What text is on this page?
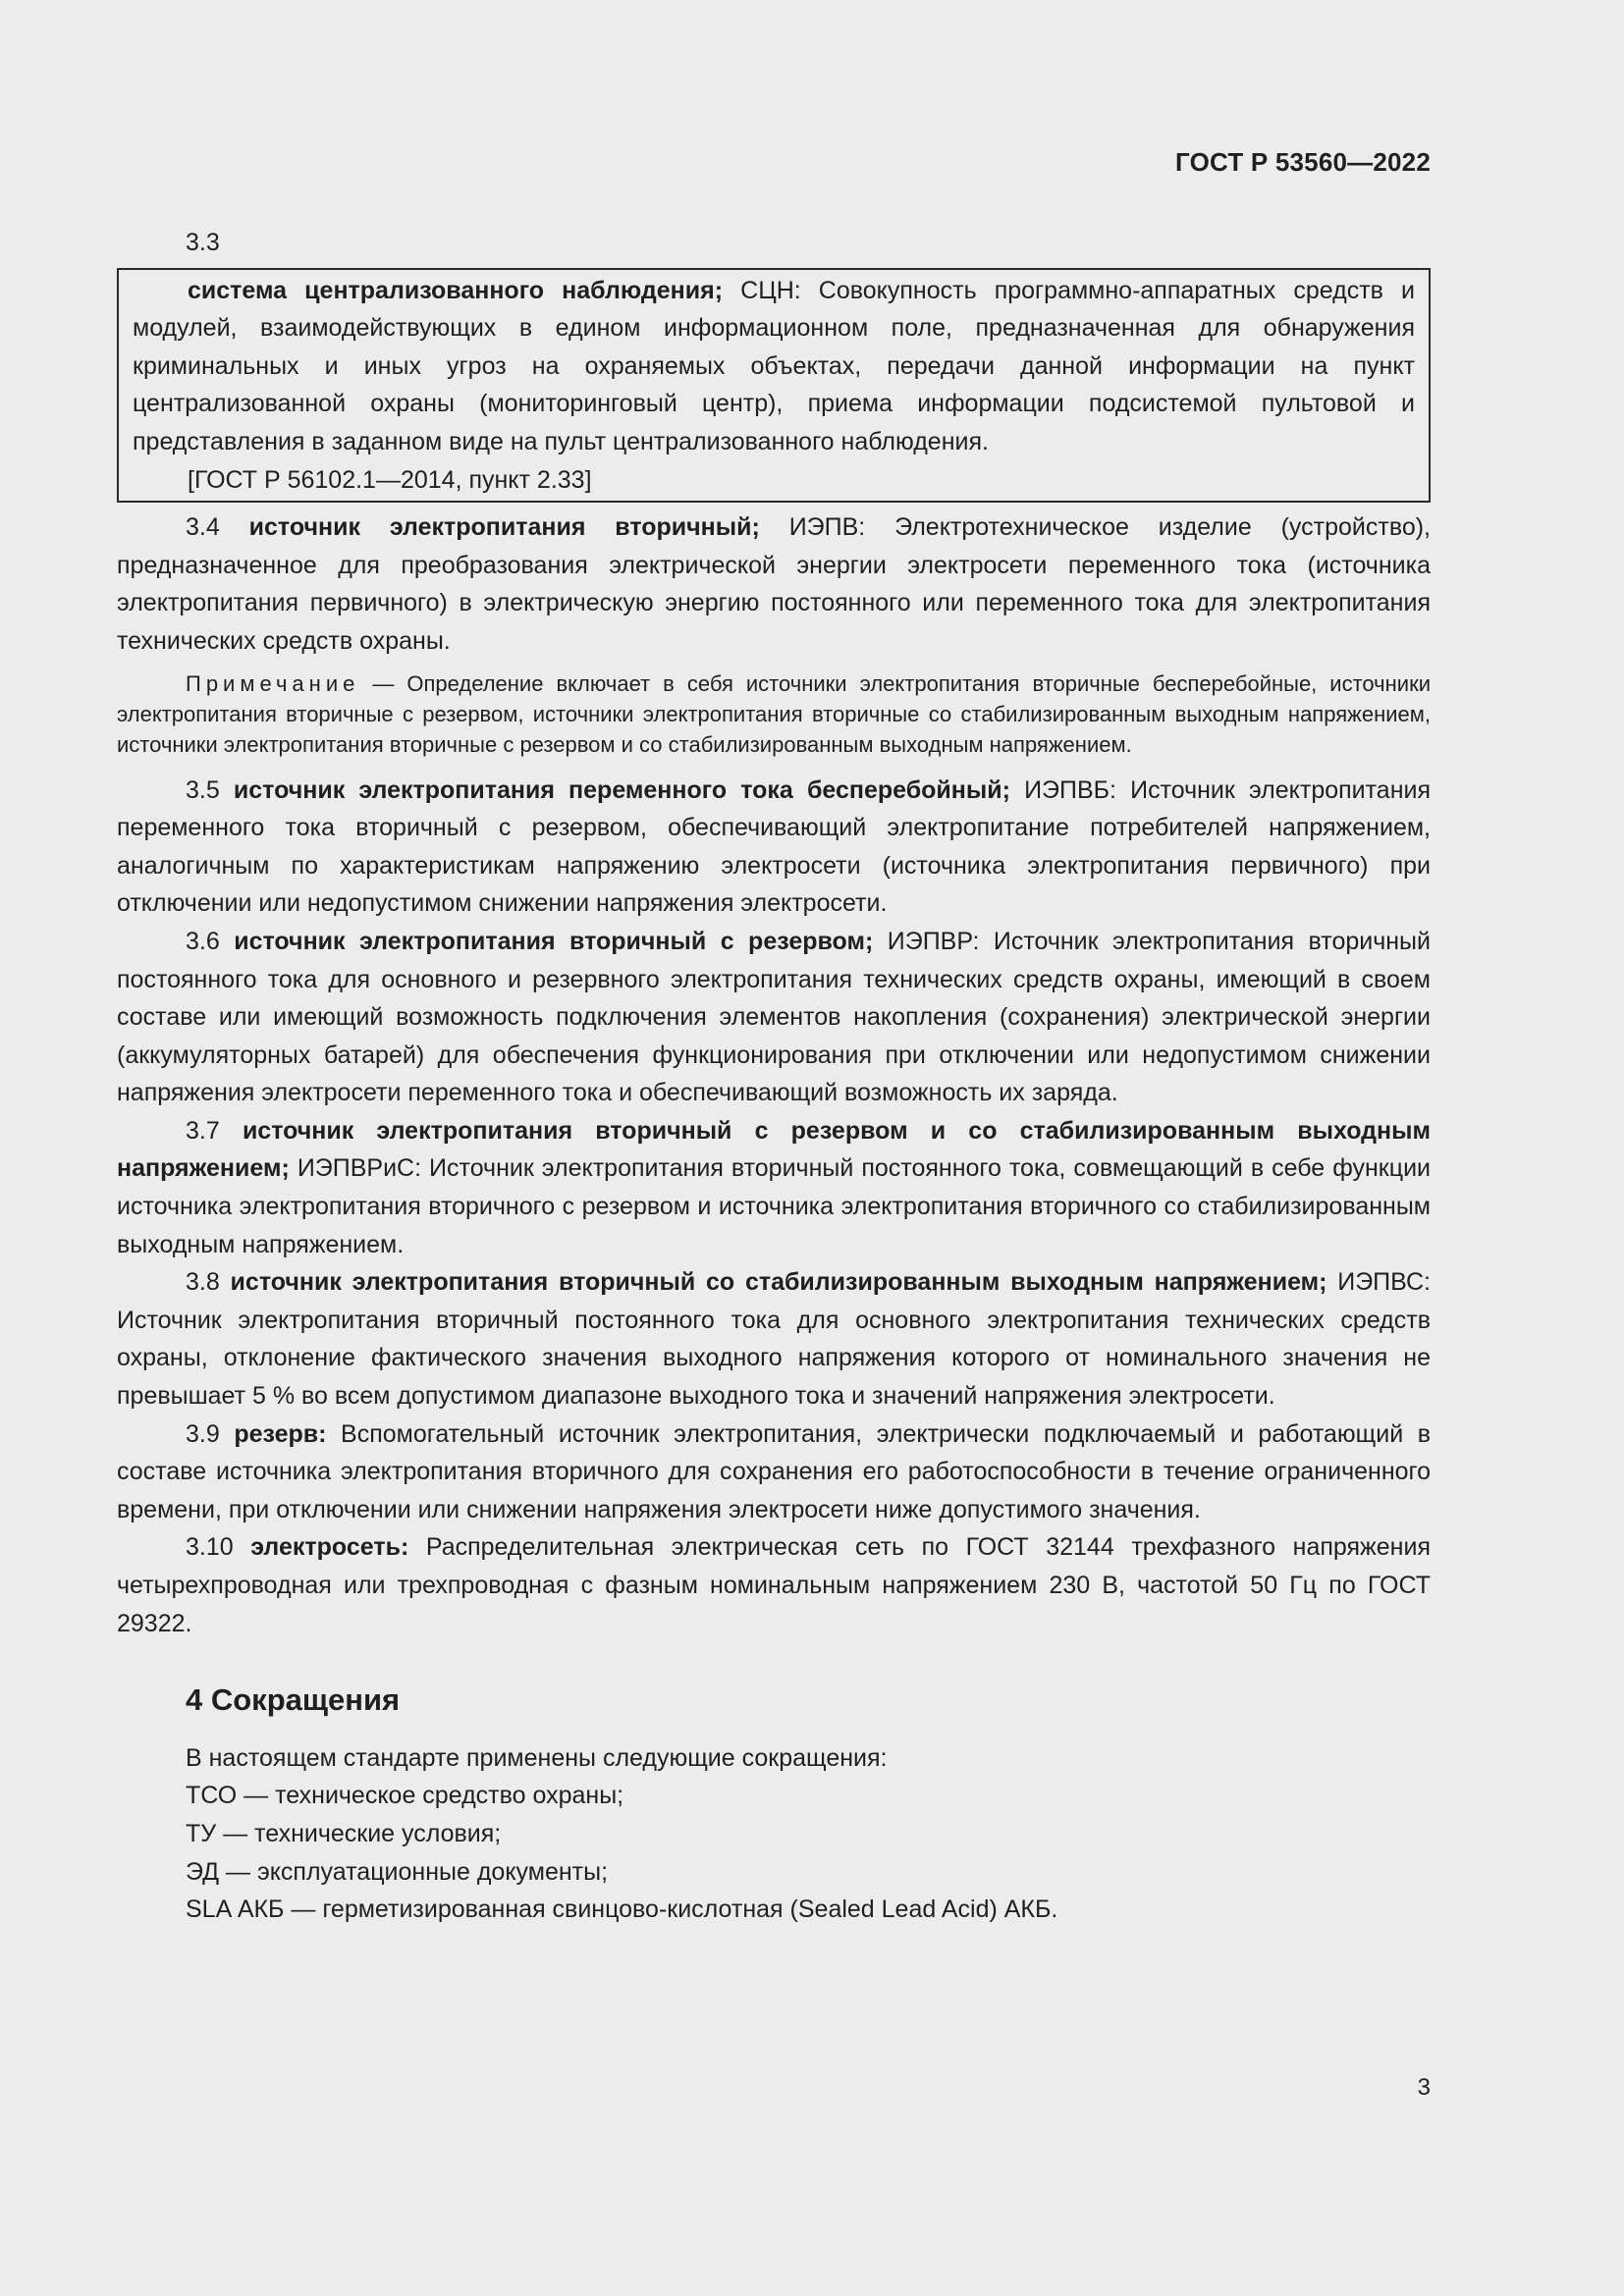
ГОСТ Р 53560—2022

3.3

система централизованного наблюдения; СЦН: Совокупность программно-аппаратных средств и модулей, взаимодействующих в едином информационном поле, предназначенная для обнаружения криминальных и иных угроз на охраняемых объектах, передачи данной информации на пункт централизованной охраны (мониторинговый центр), приема информации подсистемой пультовой и представления в заданном виде на пульт централизованного наблюдения.

[ГОСТ Р 56102.1—2014, пункт 2.33]

3.4 источник электропитания вторичный; ИЭПВ: Электротехническое изделие (устройство), предназначенное для преобразования электрической энергии электросети переменного тока (источника электропитания первичного) в электрическую энергию постоянного или переменного тока для электропитания технических средств охраны.

Примечание — Определение включает в себя источники электропитания вторичные бесперебойные, источники электропитания вторичные с резервом, источники электропитания вторичные со стабилизированным выходным напряжением, источники электропитания вторичные с резервом и со стабилизированным выходным напряжением.

3.5 источник электропитания переменного тока бесперебойный; ИЭПВБ: Источник электропитания переменного тока вторичный с резервом, обеспечивающий электропитание потребителей напряжением, аналогичным по характеристикам напряжению электросети (источника электропитания первичного) при отключении или недопустимом снижении напряжения электросети.

3.6 источник электропитания вторичный с резервом; ИЭПВР: Источник электропитания вторичный постоянного тока для основного и резервного электропитания технических средств охраны, имеющий в своем составе или имеющий возможность подключения элементов накопления (сохранения) электрической энергии (аккумуляторных батарей) для обеспечения функционирования при отключении или недопустимом снижении напряжения электросети переменного тока и обеспечивающий возможность их заряда.

3.7 источник электропитания вторичный с резервом и со стабилизированным выходным напряжением; ИЭПВРиС: Источник электропитания вторичный постоянного тока, совмещающий в себе функции источника электропитания вторичного с резервом и источника электропитания вторичного со стабилизированным выходным напряжением.

3.8 источник электропитания вторичный со стабилизированным выходным напряжением; ИЭПВС: Источник электропитания вторичный постоянного тока для основного электропитания технических средств охраны, отклонение фактического значения выходного напряжения которого от номинального значения не превышает 5 % во всем допустимом диапазоне выходного тока и значений напряжения электросети.

3.9 резерв: Вспомогательный источник электропитания, электрически подключаемый и работающий в составе источника электропитания вторичного для сохранения его работоспособности в течение ограниченного времени, при отключении или снижении напряжения электросети ниже допустимого значения.

3.10 электросеть: Распределительная электрическая сеть по ГОСТ 32144 трехфазного напряжения четырехпроводная или трехпроводная с фазным номинальным напряжением 230 В, частотой 50 Гц по ГОСТ 29322.

4 Сокращения

В настоящем стандарте применены следующие сокращения:

ТСО — техническое средство охраны;

ТУ — технические условия;

ЭД — эксплуатационные документы;

SLA АКБ — герметизированная свинцово-кислотная (Sealed Lead Acid) АКБ.

3
